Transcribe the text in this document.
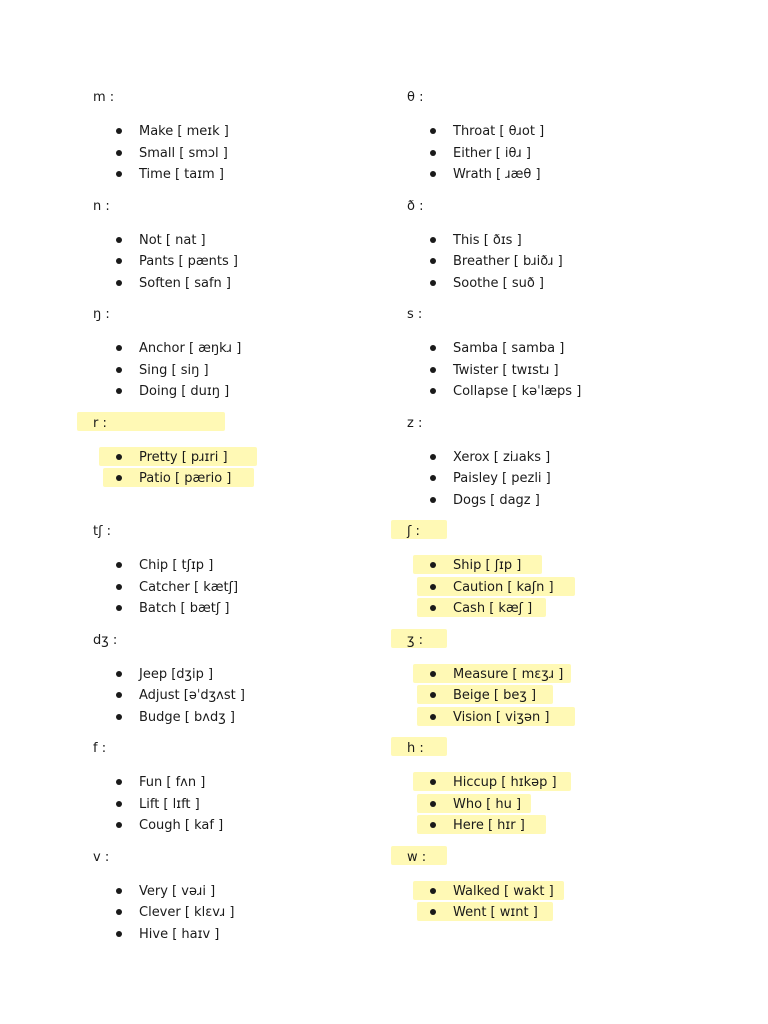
m :
Make [ meɪk ]
Small [ smɔl ]
Time [ taɪm ]
n :
Not [ nat ]
Pants [ pænts ]
Soften [ safn ]
ŋ :
Anchor [ æŋkɹ ]
Sing [ siŋ ]
Doing [ duɪŋ ]
r :
Pretty [ pɹɪri ]
Patio [ pærio ]
tʃ :
Chip [ tʃɪp ]
Catcher [ kætʃ]
Batch [ bætʃ ]
dʒ :
Jeep [dʒip ]
Adjust [əˈdʒʌst ]
Budge [ bʌdʒ ]
f :
Fun [ fʌn ]
Lift [ lɪft ]
Cough [ kaf ]
v :
Very [ vəɹi ]
Clever [ klɛvɹ ]
Hive [ haɪv ]
θ :
Throat [ θɹot ]
Either [ iθɹ ]
Wrath [ ɹæθ ]
ð :
This [ ðɪs ]
Breather [ bɹiðɹ ]
Soothe [ suð ]
s :
Samba [ samba ]
Twister [ twɪstɹ ]
Collapse [ kəˈlæps ]
z :
Xerox [ ziɹaks ]
Paisley [ pezli ]
Dogs [ dagz ]
ʃ :
Ship [ ʃɪp ]
Caution [ kaʃn ]
Cash [ kæʃ ]
ʒ :
Measure [ mɛʒɹ ]
Beige [ beʒ ]
Vision [ viʒən ]
h :
Hiccup [ hɪkəp ]
Who [ hu ]
Here [ hɪr ]
w :
Walked [ wakt ]
Went [ wɪnt ]
